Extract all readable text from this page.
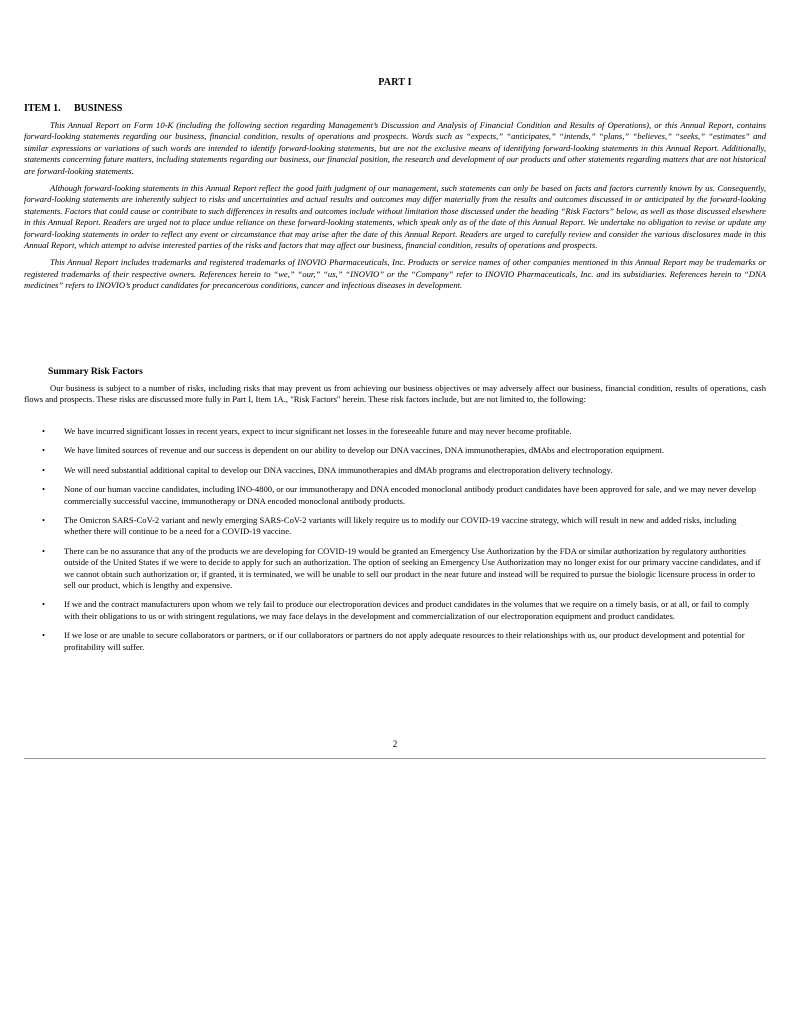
PART I
ITEM 1. BUSINESS

This Annual Report on Form 10-K (including the following section regarding Management’s Discussion and Analysis of Financial Condition and Results of Operations), or this Annual Report, contains forward-looking statements regarding our business, financial condition, results of operations and prospects. Words such as “expects,” “anticipates,” “intends,” “plans,” “believes,” “seeks,” “estimates” and similar expressions or variations of such words are intended to identify forward-looking statements, but are not the exclusive means of identifying forward-looking statements in this Annual Report. Additionally, statements concerning future matters, including statements regarding our business, our financial position, the research and development of our products and other statements regarding matters that are not historical are forward-looking statements.

Although forward-looking statements in this Annual Report reflect the good faith judgment of our management, such statements can only be based on facts and factors currently known by us. Consequently, forward-looking statements are inherently subject to risks and uncertainties and actual results and outcomes may differ materially from the results and outcomes discussed in or anticipated by the forward-looking statements. Factors that could cause or contribute to such differences in results and outcomes include without limitation those discussed under the heading “Risk Factors” below, as well as those discussed elsewhere in this Annual Report. Readers are urged not to place undue reliance on these forward-looking statements, which speak only as of the date of this Annual Report. We undertake no obligation to revise or update any forward-looking statements in order to reflect any event or circumstance that may arise after the date of this Annual Report. Readers are urged to carefully review and consider the various disclosures made in this Annual Report, which attempt to advise interested parties of the risks and factors that may affect our business, financial condition, results of operations and prospects.

This Annual Report includes trademarks and registered trademarks of INOVIO Pharmaceuticals, Inc. Products or service names of other companies mentioned in this Annual Report may be trademarks or registered trademarks of their respective owners. References herein to “we,” “our,” “us,” “INOVIO” or the “Company” refer to INOVIO Pharmaceuticals, Inc. and its subsidiaries. References herein to “DNA medicines” refers to INOVIO’s product candidates for precancerous conditions, cancer and infectious diseases in development.

Summary Risk Factors

Our business is subject to a number of risks, including risks that may prevent us from achieving our business objectives or may adversely affect our business, financial condition, results of operations, cash flows and prospects. These risks are discussed more fully in Part I, Item 1A., "Risk Factors" herein. These risk factors include, but are not limited to, the following:

• We have incurred significant losses in recent years, expect to incur significant net losses in the foreseeable future and may never become profitable.
• We have limited sources of revenue and our success is dependent on our ability to develop our DNA vaccines, DNA immunotherapies, dMAbs and electroporation equipment.
• We will need substantial additional capital to develop our DNA vaccines, DNA immunotherapies and dMAb programs and electroporation delivery technology.
• None of our human vaccine candidates, including INO-4800, or our immunotherapy and DNA encoded monoclonal antibody product candidates have been approved for sale, and we may never develop commercially successful vaccine, immunotherapy or DNA encoded monoclonal antibody products.
• The Omicron SARS-CoV-2 variant and newly emerging SARS-CoV-2 variants will likely require us to modify our COVID-19 vaccine strategy, which will result in new and added risks, including whether there will continue to be a need for a COVID-19 vaccine.
• There can be no assurance that any of the products we are developing for COVID-19 would be granted an Emergency Use Authorization by the FDA or similar authorization by regulatory authorities outside of the United States if we were to decide to apply for such an authorization. The option of seeking an Emergency Use Authorization may no longer exist for our primary vaccine candidates, and if we cannot obtain such authorization or, if granted, it is terminated, we will be unable to sell our product in the near future and instead will be required to pursue the biologic licensure process in order to sell our product, which is lengthy and expensive.
• If we and the contract manufacturers upon whom we rely fail to produce our electroporation devices and product candidates in the volumes that we require on a timely basis, or at all, or fail to comply with their obligations to us or with stringent regulations, we may face delays in the development and commercialization of our electroporation equipment and product candidates.
• If we lose or are unable to secure collaborators or partners, or if our collaborators or partners do not apply adequate resources to their relationships with us, our product development and potential for profitability will suffer.
2
